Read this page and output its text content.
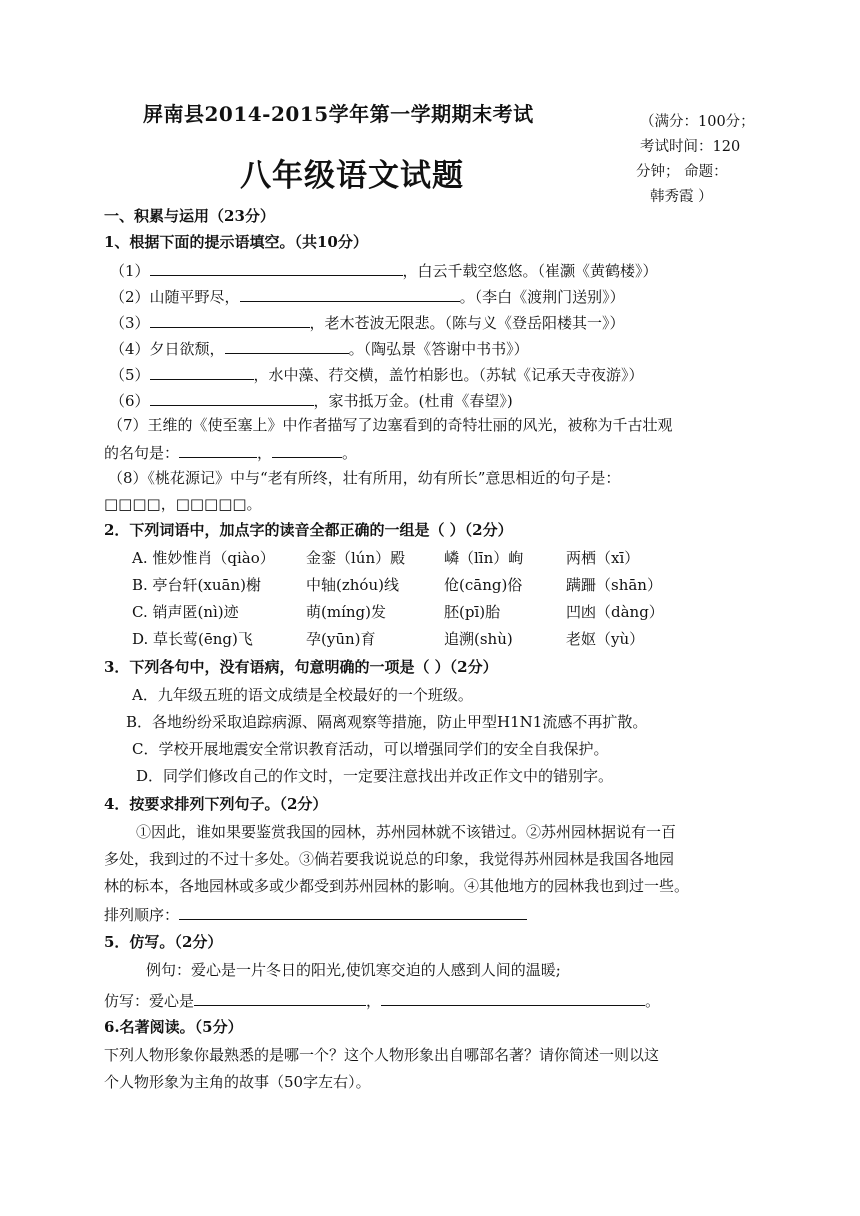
屏南县2014-2015学年第一学期期末考试
八年级语文试题
（满分：100分；
考试时间：120
分钟； 命题：
韩秀霞 ）
一、积累与运用（23分）
1、根据下面的提示语填空。（共10分）
（1）	，白云千载空悠悠。（崔灏《黄鹤楼》）
（2）山随平野尽，	。（李白《渡荆门送别》）
（3）	，老木苍波无限悲。（陈与义《登岳阳楼其一》）
（4）夕日欲颓，	。（陶弘景《答谢中书书》）
（5）	，水中藻、荇交横，盖竹柏影也。（苏轼《记承天寺夜游》）
（6）	，家书抵万金。(杜甫《春望》)
（7）王维的《使至塞上》中作者描写了边塞看到的奇特壮丽的风光，被称为千古壮观
的名句是：	，	。
（8）《桃花源记》中与“老有所终，壮有所用，幼有所长”意思相近的句子是：
□□□□，□□□□□。
2．下列词语中，加点字的读音全都正确的一组是（ ）（2分）
A. 惟妙惟肖（qiào） 金銮（lún）殿	嶙（līn）峋	两栖（xī）
B. 亭台轩(xuān)榭	中轴(zhóu)线	伧(cāng)俗	蹒跚（shān）
C. 销声匿(nì)迹	萌(míng)发	胚(pī)胎	凹凼（dàng）
D. 草长莺(ēng)飞	孕(yūn)育	追溯(shù)	老妪（yù）
3．下列各句中，没有语病，句意明确的一项是（ ）（2分）
A．九年级五班的语文成绩是全校最好的一个班级。
B．各地纷纷采取追踪病源、隔离观察等措施，防止甲型H1N1流感不再扩散。
C．学校开展地震安全常识教育活动，可以增强同学们的安全自我保护。
D．同学们修改自己的作文时，一定要注意找出并改正作文中的错别字。
4．按要求排列下列句子。（2分）
①因此，谁如果要鉴赏我国的园林，苏州园林就不该错过。②苏州园林据说有一百
多处，我到过的不过十多处。③倘若要我说说总的印象，我觉得苏州园林是我国各地园
林的标本，各地园林或多或少都受到苏州园林的影响。④其他地方的园林我也到过一些。
排列顺序：
5．仿写。（2分）
例句：爱心是一片冬日的阳光,使饥寒交迫的人感到人间的温暖;
仿写：爱心是	，	。
6.名著阅读。（5分）
下列人物形象你最熟悉的是哪一个？这个人物形象出自哪部名著？请你简述一则以这
个人物形象为主角的故事（50字左右）。
